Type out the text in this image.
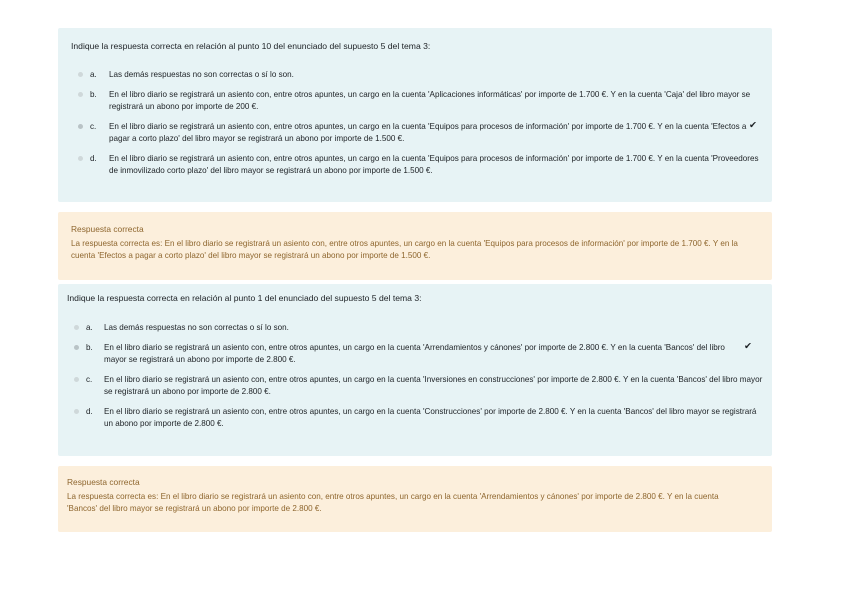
Indique la respuesta correcta en relación al punto 10 del enunciado del supuesto 5 del tema 3:

a. Las demás respuestas no son correctas o sí lo son.
b. En el libro diario se registrará un asiento con, entre otros apuntes, un cargo en la cuenta 'Aplicaciones informáticas' por importe de 1.700 €. Y en la cuenta 'Caja' del libro mayor se registrará un abono por importe de 200 €.
c. En el libro diario se registrará un asiento con, entre otros apuntes, un cargo en la cuenta 'Equipos para procesos de información' por importe de 1.700 €. Y en la cuenta 'Efectos a pagar a corto plazo' del libro mayor se registrará un abono por importe de 1.500 €.
✔
d. En el libro diario se registrará un asiento con, entre otros apuntes, un cargo en la cuenta 'Equipos para procesos de información' por importe de 1.700 €. Y en la cuenta 'Proveedores de inmovilizado corto plazo' del libro mayor se registrará un abono por importe de 1.500 €.

Respuesta correcta

La respuesta correcta es: En el libro diario se registrará un asiento con, entre otros apuntes, un cargo en la cuenta 'Equipos para procesos de información' por importe de 1.700 €. Y en la cuenta 'Efectos a pagar a corto plazo' del libro mayor se registrará un abono por importe de 1.500 €.

Indique la respuesta correcta en relación al punto 1 del enunciado del supuesto 5 del tema 3:

a. Las demás respuestas no son correctas o sí lo son.
b. En el libro diario se registrará un asiento con, entre otros apuntes, un cargo en la cuenta 'Arrendamientos y cánones' por importe de 2.800 €. Y en la cuenta 'Bancos' del libro mayor se registrará un abono por importe de 2.800 €.
✔
c. En el libro diario se registrará un asiento con, entre otros apuntes, un cargo en la cuenta 'Inversiones en construcciones' por importe de 2.800 €. Y en la cuenta 'Bancos' del libro mayor se registrará un abono por importe de 2.800 €.
d. En el libro diario se registrará un asiento con, entre otros apuntes, un cargo en la cuenta 'Construcciones' por importe de 2.800 €. Y en la cuenta 'Bancos' del libro mayor se registrará un abono por importe de 2.800 €.

Respuesta correcta

La respuesta correcta es: En el libro diario se registrará un asiento con, entre otros apuntes, un cargo en la cuenta 'Arrendamientos y cánones' por importe de 2.800 €. Y en la cuenta 'Bancos' del libro mayor se registrará un abono por importe de 2.800 €.
